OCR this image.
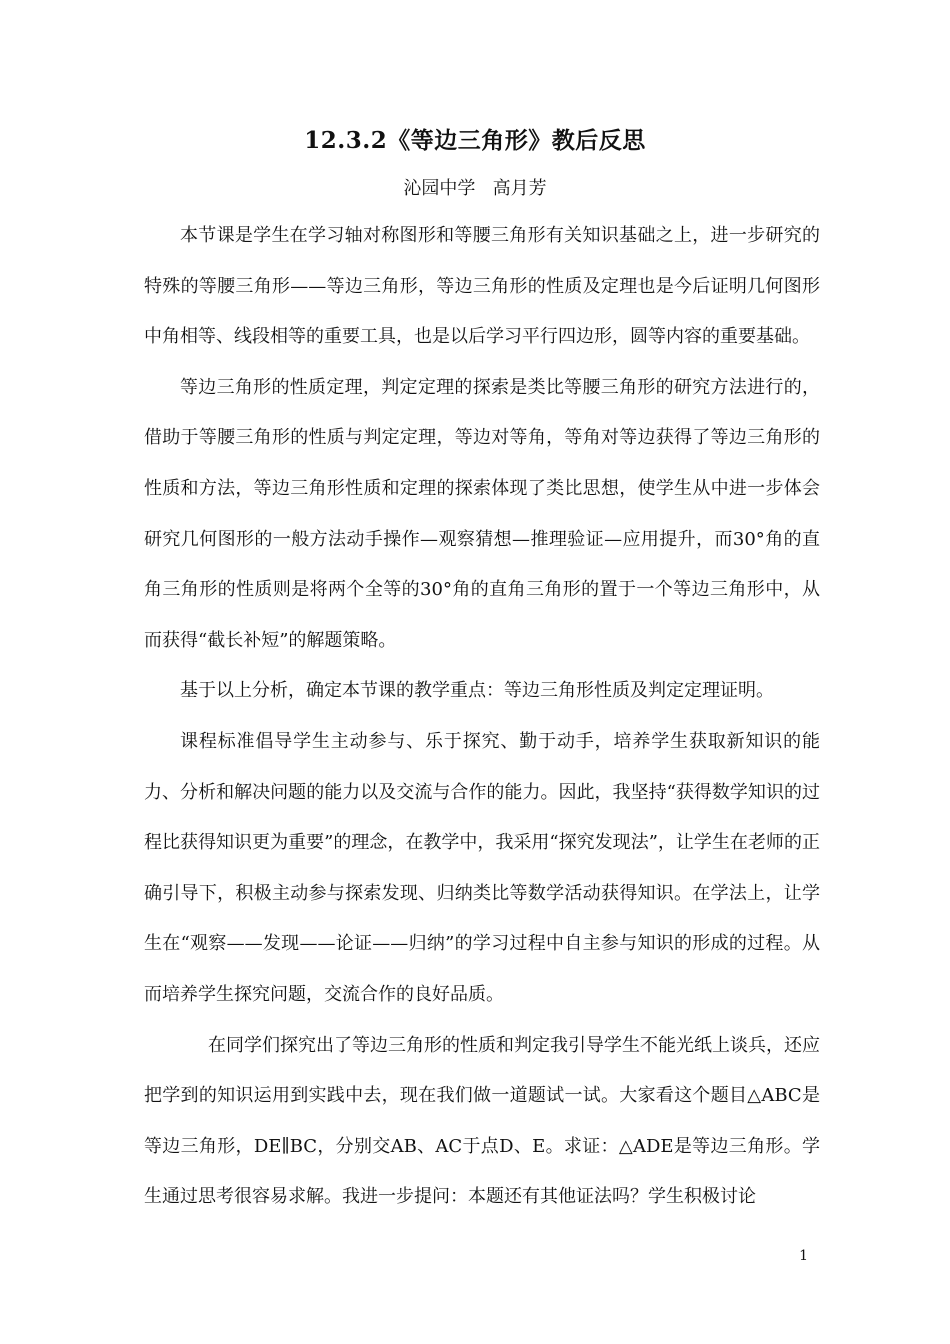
12.3.2《等边三角形》教后反思
沁园中学   高月芳

本节课是学生在学习轴对称图形和等腰三角形有关知识基础之上，进一步研究的特殊的等腰三角形——等边三角形，等边三角形的性质及定理也是今后证明几何图形中角相等、线段相等的重要工具，也是以后学习平行四边形，圆等内容的重要基础。

等边三角形的性质定理，判定定理的探索是类比等腰三角形的研究方法进行的，借助于等腰三角形的性质与判定定理，等边对等角，等角对等边获得了等边三角形的性质和方法，等边三角形性质和定理的探索体现了类比思想，使学生从中进一步体会研究几何图形的一般方法动手操作—观察猜想—推理验证—应用提升，而30°角的直角三角形的性质则是将两个全等的30°角的直角三角形的置于一个等边三角形中，从而获得“截长补短”的解题策略。

基于以上分析，确定本节课的教学重点：等边三角形性质及判定定理证明。

课程标准倡导学生主动参与、乐于探究、勤于动手，培养学生获取新知识的能力、分析和解决问题的能力以及交流与合作的能力。因此，我坚持“获得数学知识的过程比获得知识更为重要”的理念，在教学中，我采用“探究发现法”，让学生在老师的正确引导下，积极主动参与探索发现、归纳类比等数学活动获得知识。在学法上，让学生在“观察——发现——论证——归纳”的学习过程中自主参与知识的形成的过程。从而培养学生探究问题，交流合作的良好品质。

在同学们探究出了等边三角形的性质和判定我引导学生不能光纸上谈兵，还应把学到的知识运用到实践中去，现在我们做一道题试一试。大家看这个题目△ABC是等边三角形，DE∥BC，分别交AB、AC于点D、E。求证：△ADE是等边三角形。学生通过思考很容易求解。我进一步提问：本题还有其他证法吗？学生积极讨论

1
